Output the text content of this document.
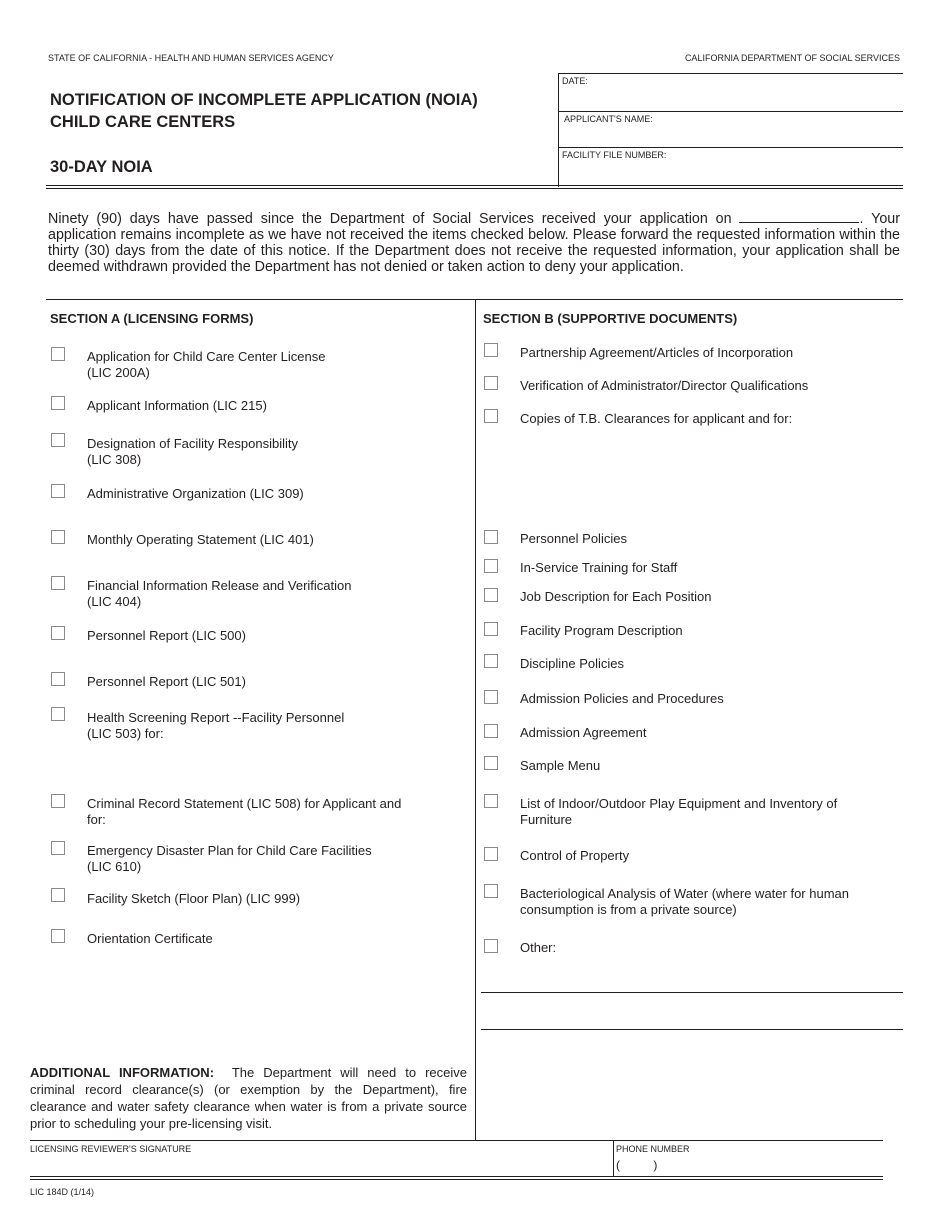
STATE OF CALIFORNIA - HEALTH AND HUMAN SERVICES AGENCY	CALIFORNIA DEPARTMENT OF SOCIAL SERVICES
NOTIFICATION OF INCOMPLETE APPLICATION (NOIA)
CHILD CARE CENTERS
30-DAY NOIA
DATE:
APPLICANT'S NAME:
FACILITY FILE NUMBER:
Ninety (90) days have passed since the Department of Social Services received your application on	. Your application remains incomplete as we have not received the items checked below. Please forward the requested information within the thirty (30) days from the date of this notice. If the Department does not receive the requested information, your application shall be deemed withdrawn provided the Department has not denied or taken action to deny your application.
SECTION A (LICENSING FORMS)
Application for Child Care Center License
(LIC 200A)
Applicant Information (LIC 215)
Designation of Facility Responsibility
(LIC 308)
Administrative Organization (LIC 309)
Monthly Operating Statement (LIC 401)
Financial Information Release and Verification
(LIC 404)
Personnel Report (LIC 500)
Personnel Report (LIC 501)
Health Screening Report --Facility Personnel
(LIC 503) for:
Criminal Record Statement (LIC 508) for Applicant and
for:
Emergency Disaster Plan for Child Care Facilities
(LIC 610)
Facility Sketch (Floor Plan) (LIC 999)
Orientation Certificate
SECTION B (SUPPORTIVE DOCUMENTS)
Partnership Agreement/Articles of Incorporation
Verification of Administrator/Director Qualifications
Copies of T.B. Clearances for applicant and for:
Personnel Policies
In-Service Training for Staff
Job Description for Each Position
Facility Program Description
Discipline Policies
Admission Policies and Procedures
Admission Agreement
Sample Menu
List of Indoor/Outdoor Play Equipment and Inventory of
Furniture
Control of Property
Bacteriological Analysis of Water (where water for human
consumption is from a private source)
Other:
ADDITIONAL INFORMATION: The Department will need to receive criminal record clearance(s) (or exemption by the Department), fire clearance and water safety clearance when water is from a private source prior to scheduling your pre-licensing visit.
LICENSING REVIEWER'S SIGNATURE	PHONE NUMBER
(          )
LIC 184D (1/14)
